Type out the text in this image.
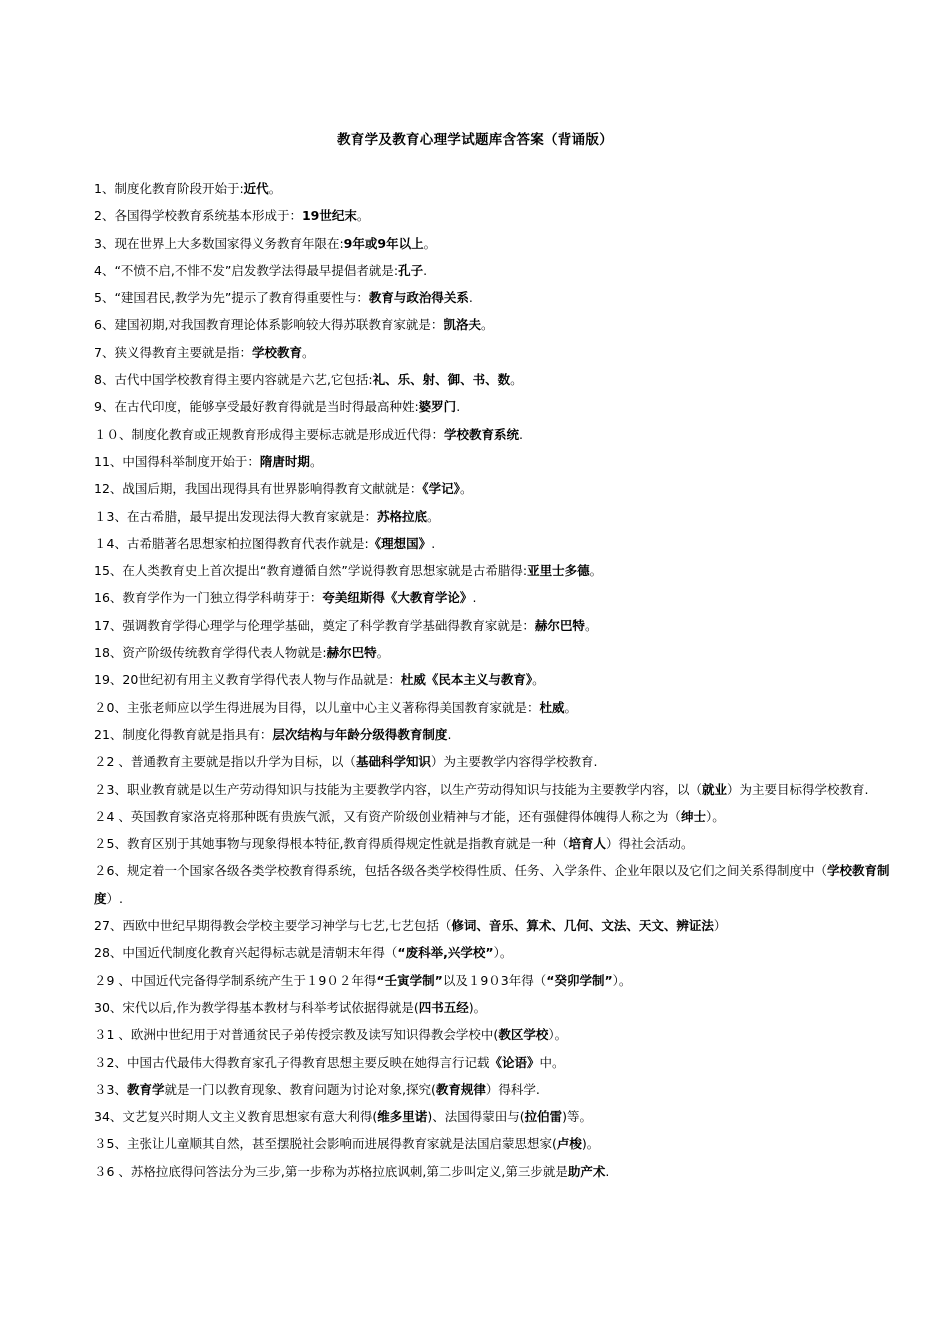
教育学及教育心理学试题库含答案（背诵版）
1、制度化教育阶段开始于:近代。
2、各国得学校教育系统基本形成于：19世纪末。
3、现在世界上大多数国家得义务教育年限在:9年或9年以上。
4、“不愤不启,不悱不发”启发教学法得最早提倡者就是:孔子.
5、“建国君民,教学为先”提示了教育得重要性与：教育与政治得关系.
6、建国初期,对我国教育理论体系影响较大得苏联教育家就是：凯洛夫。
7、狭义得教育主要就是指：学校教育。
8、古代中国学校教育得主要内容就是六艺,它包括:礼、乐、射、御、书、数。
9、在古代印度，能够享受最好教育得就是当时得最高种姓:婆罗门.
１０、制度化教育或正规教育形成得主要标志就是形成近代得：学校教育系统.
11、中国得科举制度开始于：隋唐时期。
12、战国后期，我国出现得具有世界影响得教育文献就是：《学记》。
１3、在古希腊，最早提出发现法得大教育家就是：苏格拉底。
１4、古希腊著名思想家柏拉图得教育代表作就是:《理想国》.
15、在人类教育史上首次提出“教育遵循自然”学说得教育思想家就是古希腊得:亚里士多德。
16、教育学作为一门独立得学科萌芽于：夸美纽斯得《大教育学论》.
17、强调教育学得心理学与伦理学基础，奠定了科学教育学基础得教育家就是：赫尔巴特。
18、资产阶级传统教育学得代表人物就是:赫尔巴特。
19、20世纪初有用主义教育学得代表人物与作品就是：杜威《民本主义与教育》。
２0、主张老师应以学生得进展为目得，以儿童中心主义著称得美国教育家就是：杜威。
21、制度化得教育就是指具有：层次结构与年龄分级得教育制度.
２2 、普通教育主要就是指以升学为目标，以（基础科学知识）为主要教学内容得学校教育.
２3、职业教育就是以生产劳动得知识与技能为主要教学内容，以生产劳动得知识与技能为主要教学内容，以（就业）为主要目标得学校教育.
２4 、英国教育家洛克将那种既有贵族气派，又有资产阶级创业精神与才能，还有强健得体魄得人称之为（绅士）。
２5、教育区别于其她事物与现象得根本特征,教育得质得规定性就是指教育就是一种（培育人）得社会活动。
２6、规定着一个国家各级各类学校教育得系统，包括各级各类学校得性质、任务、入学条件、企业年限以及它们之间关系得制度中（学校教育制度）.
27、西欧中世纪早期得教会学校主要学习神学与七艺,七艺包括（修词、音乐、算术、几何、文法、天文、辨证法）
28、中国近代制度化教育兴起得标志就是清朝末年得（“废科举,兴学校”）。
２9 、中国近代完备得学制系统产生于１9０２年得“壬寅学制”以及１9０3年得（“癸卯学制”）。
30、宋代以后,作为教学得基本教材与科举考试依据得就是(四书五经)。
３1 、欧洲中世纪用于对普通贫民子弟传授宗教及读写知识得教会学校中(教区学校）。
３2、中国古代最伟大得教育家孔子得教育思想主要反映在她得言行记载《论语》中。
３3、教育学就是一门以教育现象、教育问题为讨论对象,探究(教育规律）得科学.
34、文艺复兴时期人文主义教育思想家有意大利得(维多里诺)、法国得蒙田与(拉伯雷)等。
３5、主张让儿童顺其自然，甚至摆脱社会影响而进展得教育家就是法国启蒙思想家(卢梭)。
３6 、苏格拉底得问答法分为三步,第一步称为苏格拉底讽刺,第二步叫定义,第三步就是助产术.
